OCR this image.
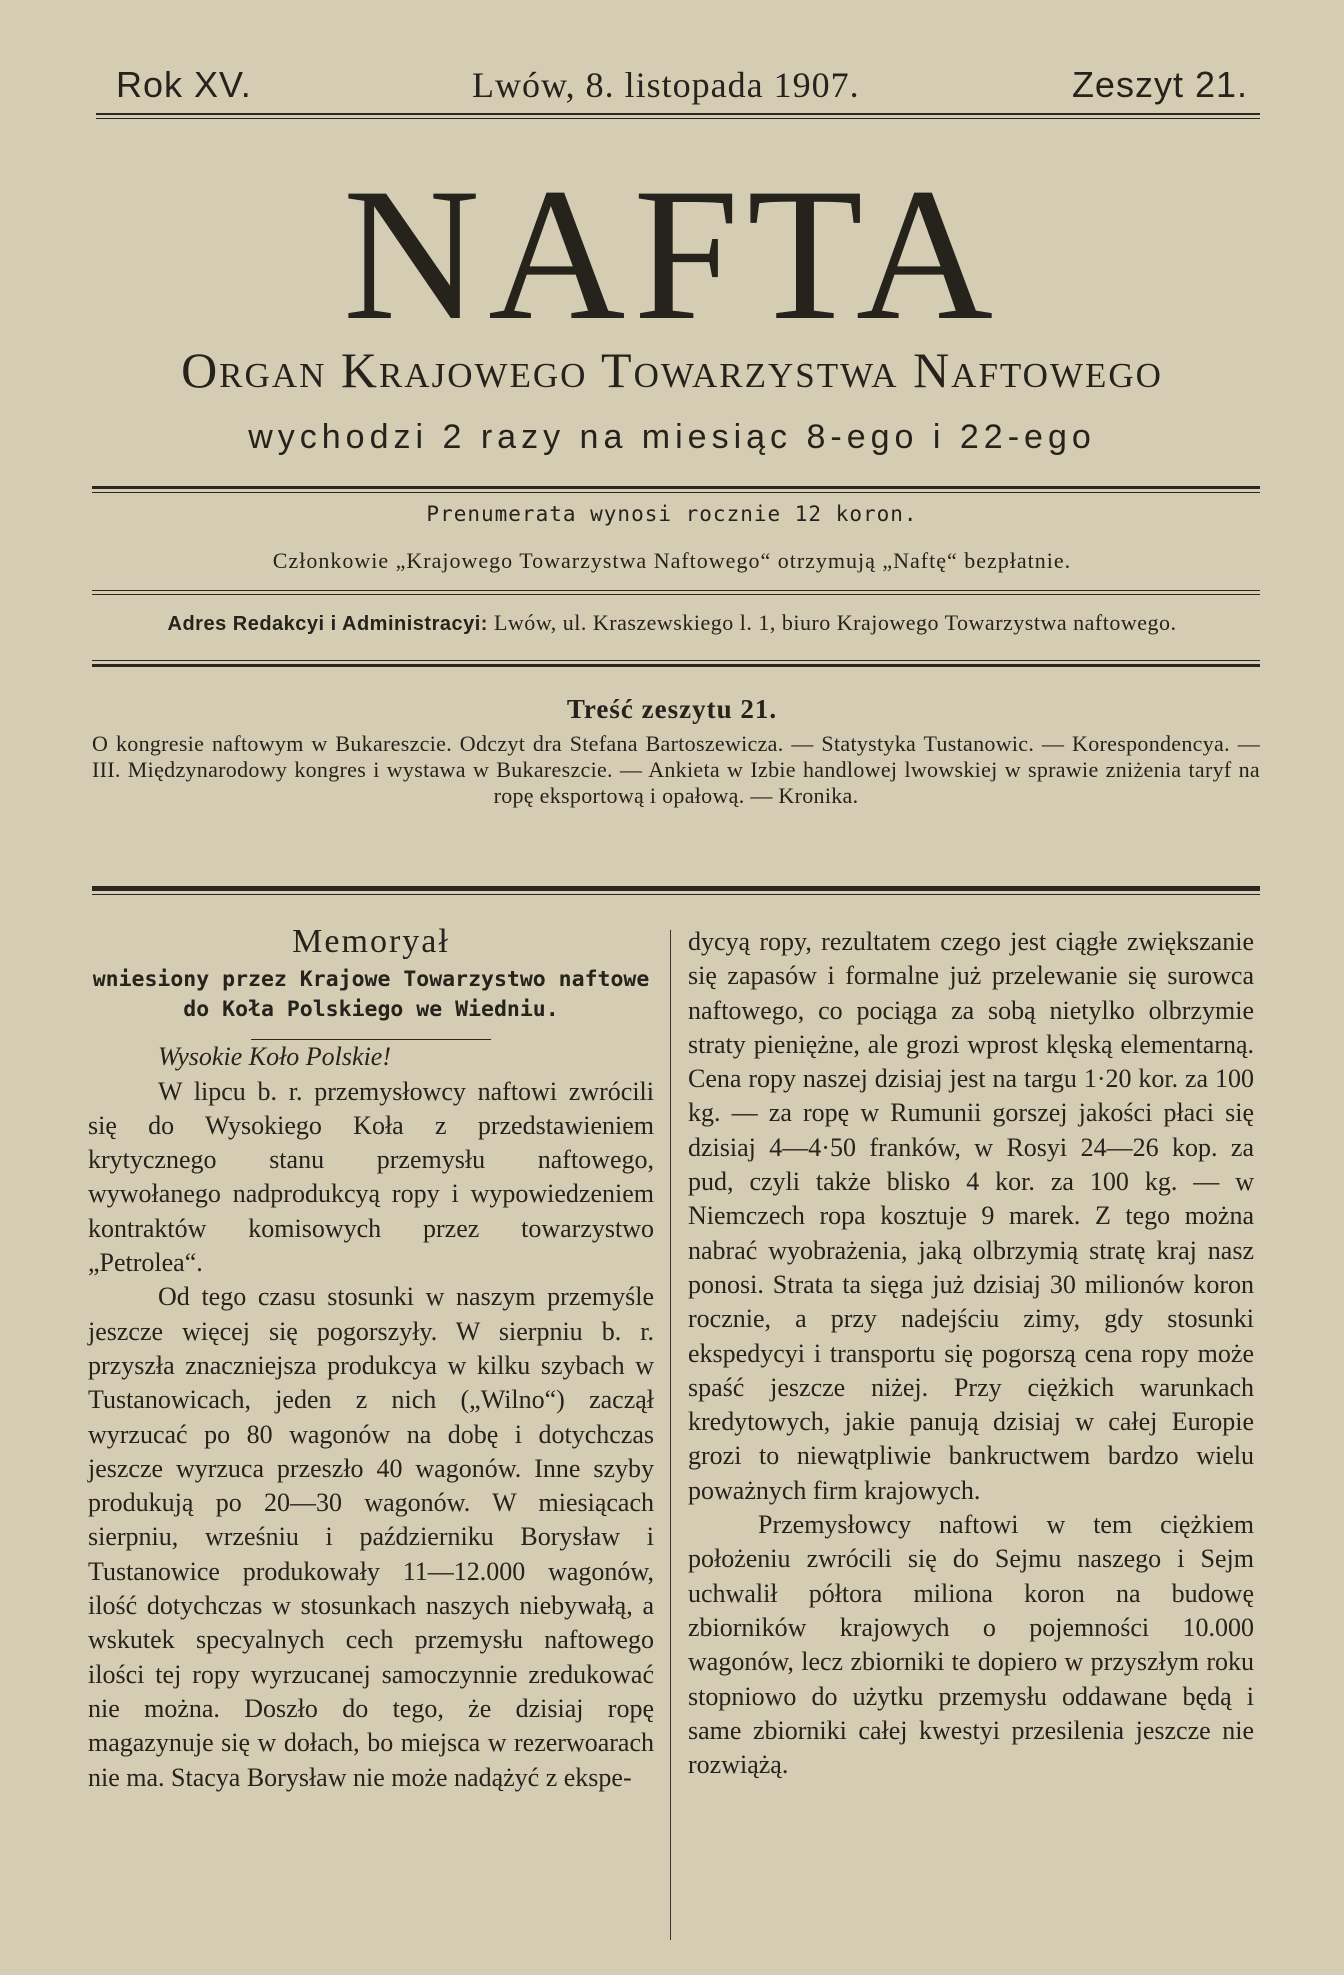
Rok XV.	Lwów, 8. listopada 1907.	Zeszyt 21.
NAFTA
Organ Krajowego Towarzystwa Naftowego
wychodzi 2 razy na miesiąc 8-ego i 22-ego
Prenumerata wynosi rocznie 12 koron.
Członkowie „Krajowego Towarzystwa Naftowego“ otrzymują „Naftę“ bezpłatnie.
Adres Redakcyi i Administracyi: Lwów, ul. Kraszewskiego l. 1, biuro Krajowego Towarzystwa naftowego.
Treść zeszytu 21.
O kongresie naftowym w Bukareszcie. Odczyt dra Stefana Bartoszewicza. — Statystyka Tustanowic. — Korespondencya. — III. Międzynarodowy kongres i wystawa w Bukareszcie. — Ankieta w Izbie handlowej lwowskiej w sprawie zniżenia taryf na ropę eksportową i opałową. — Kronika.
Memoryał
wniesiony przez Krajowe Towarzystwo naftowe do Koła Polskiego we Wiedniu.

Wysokie Koło Polskie!

W lipcu b. r. przemysłowcy naftowi zwrócili się do Wysokiego Koła z przedstawieniem krytycznego stanu przemysłu naftowego, wywołanego nadprodukcyą ropy i wypowiedzeniem kontraktów komisowych przez towarzystwo „Petrolea“.

Od tego czasu stosunki w naszym przemyśle jeszcze więcej się pogorszyły. W sierpniu b. r. przyszła znaczniejsza produkcya w kilku szybach w Tustanowicach, jeden z nich („Wilno“) zaczął wyrzucać po 80 wagonów na dobę i dotychczas jeszcze wyrzuca przeszło 40 wagonów. Inne szyby produkują po 20—30 wagonów. W miesiącach sierpniu, wrześniu i październiku Borysław i Tustanowice produkowały 11—12.000 wagonów, ilość dotychczas w stosunkach naszych niebywałą, a wskutek specyalnych cech przemysłu naftowego ilości tej ropy wyrzucanej samoczynnie zredukować nie można. Doszło do tego, że dzisiaj ropę magazynuje się w dołach, bo miejsca w rezerwoarach nie ma. Stacya Borysław nie może nadążyć z ekspe-

dycyą ropy, rezultatem czego jest ciągłe zwiększanie się zapasów i formalne już przelewanie się surowca naftowego, co pociąga za sobą nietylko olbrzymie straty pieniężne, ale grozi wprost klęską elementarną. Cena ropy naszej dzisiaj jest na targu 1·20 kor. za 100 kg. — za ropę w Rumunii gorszej jakości płaci się dzisiaj 4—4·50 franków, w Rosyi 24—26 kop. za pud, czyli także blisko 4 kor. za 100 kg. — w Niemczech ropa kosztuje 9 marek. Z tego można nabrać wyobrażenia, jaką olbrzymią stratę kraj nasz ponosi. Strata ta sięga już dzisiaj 30 milionów koron rocznie, a przy nadejściu zimy, gdy stosunki ekspedycyi i transportu się pogorszą cena ropy może spaść jeszcze niżej. Przy ciężkich warunkach kredytowych, jakie panują dzisiaj w całej Europie grozi to niewątpliwie bankructwem bardzo wielu poważnych firm krajowych.

Przemysłowcy naftowi w tem ciężkiem położeniu zwrócili się do Sejmu naszego i Sejm uchwalił półtora miliona koron na budowę zbiorników krajowych o pojemności 10.000 wagonów, lecz zbiorniki te dopiero w przyszłym roku stopniowo do użytku przemysłu oddawane będą i same zbiorniki całej kwestyi przesilenia jeszcze nie rozwiążą.
